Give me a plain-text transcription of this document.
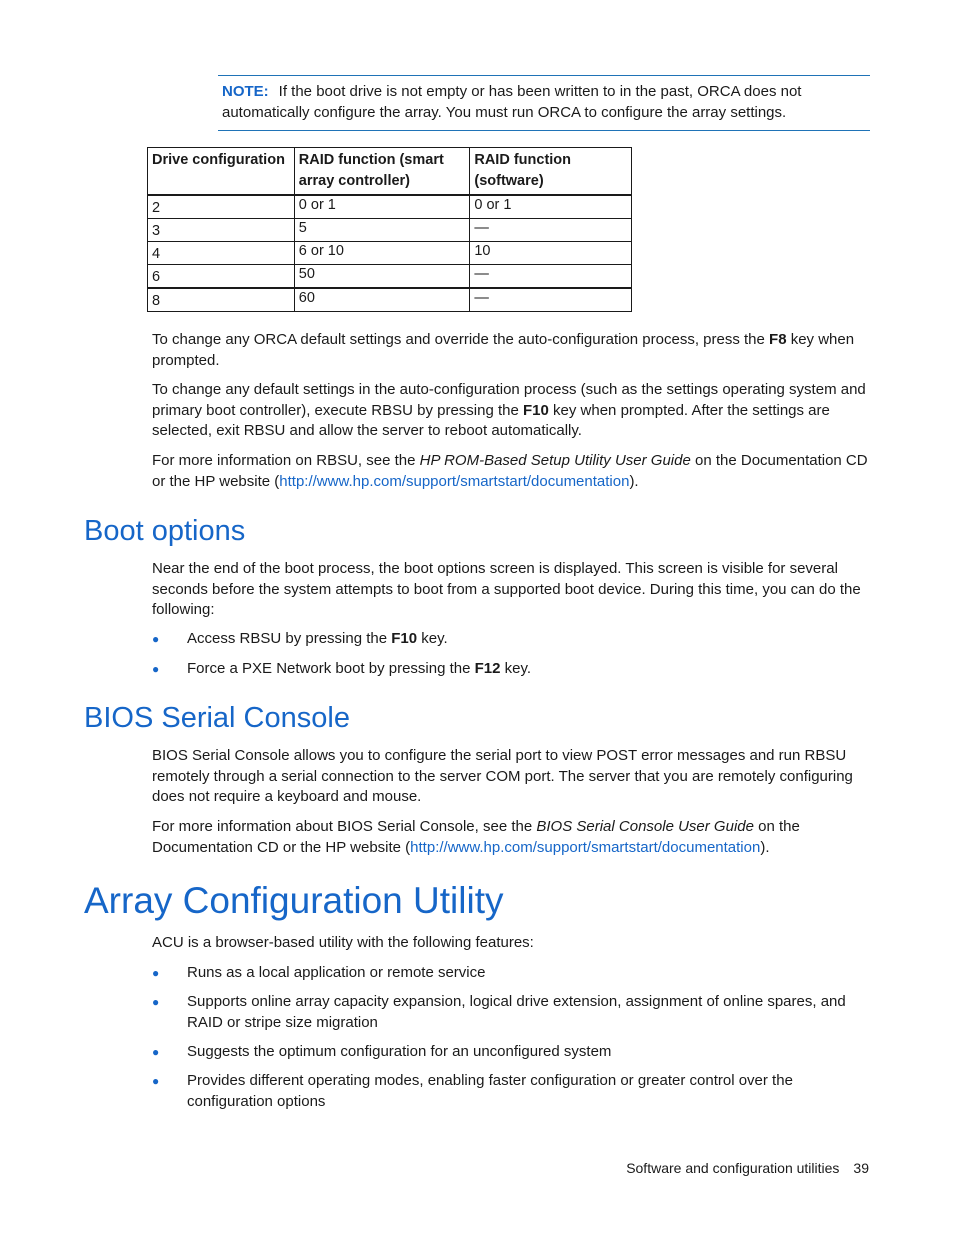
NOTE: If the boot drive is not empty or has been written to in the past, ORCA does not automatically configure the array. You must run ORCA to configure the array settings.
Drive configuration	RAID function (smart array controller)	RAID function (software)
2	0 or 1	0 or 1
3	5	—
4	6 or 10	10
6	50	—
8	60	—

To change any ORCA default settings and override the auto-configuration process, press the F8 key when prompted.

To change any default settings in the auto-configuration process (such as the settings operating system and primary boot controller), execute RBSU by pressing the F10 key when prompted. After the settings are selected, exit RBSU and allow the server to reboot automatically.

For more information on RBSU, see the HP ROM-Based Setup Utility User Guide on the Documentation CD or the HP website (http://www.hp.com/support/smartstart/documentation).

Boot options

Near the end of the boot process, the boot options screen is displayed. This screen is visible for several seconds before the system attempts to boot from a supported boot device. During this time, you can do the following:

● Access RBSU by pressing the F10 key.
● Force a PXE Network boot by pressing the F12 key.
BIOS Serial Console

BIOS Serial Console allows you to configure the serial port to view POST error messages and run RBSU remotely through a serial connection to the server COM port. The server that you are remotely configuring does not require a keyboard and mouse.

For more information about BIOS Serial Console, see the BIOS Serial Console User Guide on the Documentation CD or the HP website (http://www.hp.com/support/smartstart/documentation).

Array Configuration Utility

ACU is a browser-based utility with the following features:

● Runs as a local application or remote service
● Supports online array capacity expansion, logical drive extension, assignment of online spares, and RAID or stripe size migration
● Suggests the optimum configuration for an unconfigured system
● Provides different operating modes, enabling faster configuration or greater control over the configuration options
Software and configuration utilities 39
